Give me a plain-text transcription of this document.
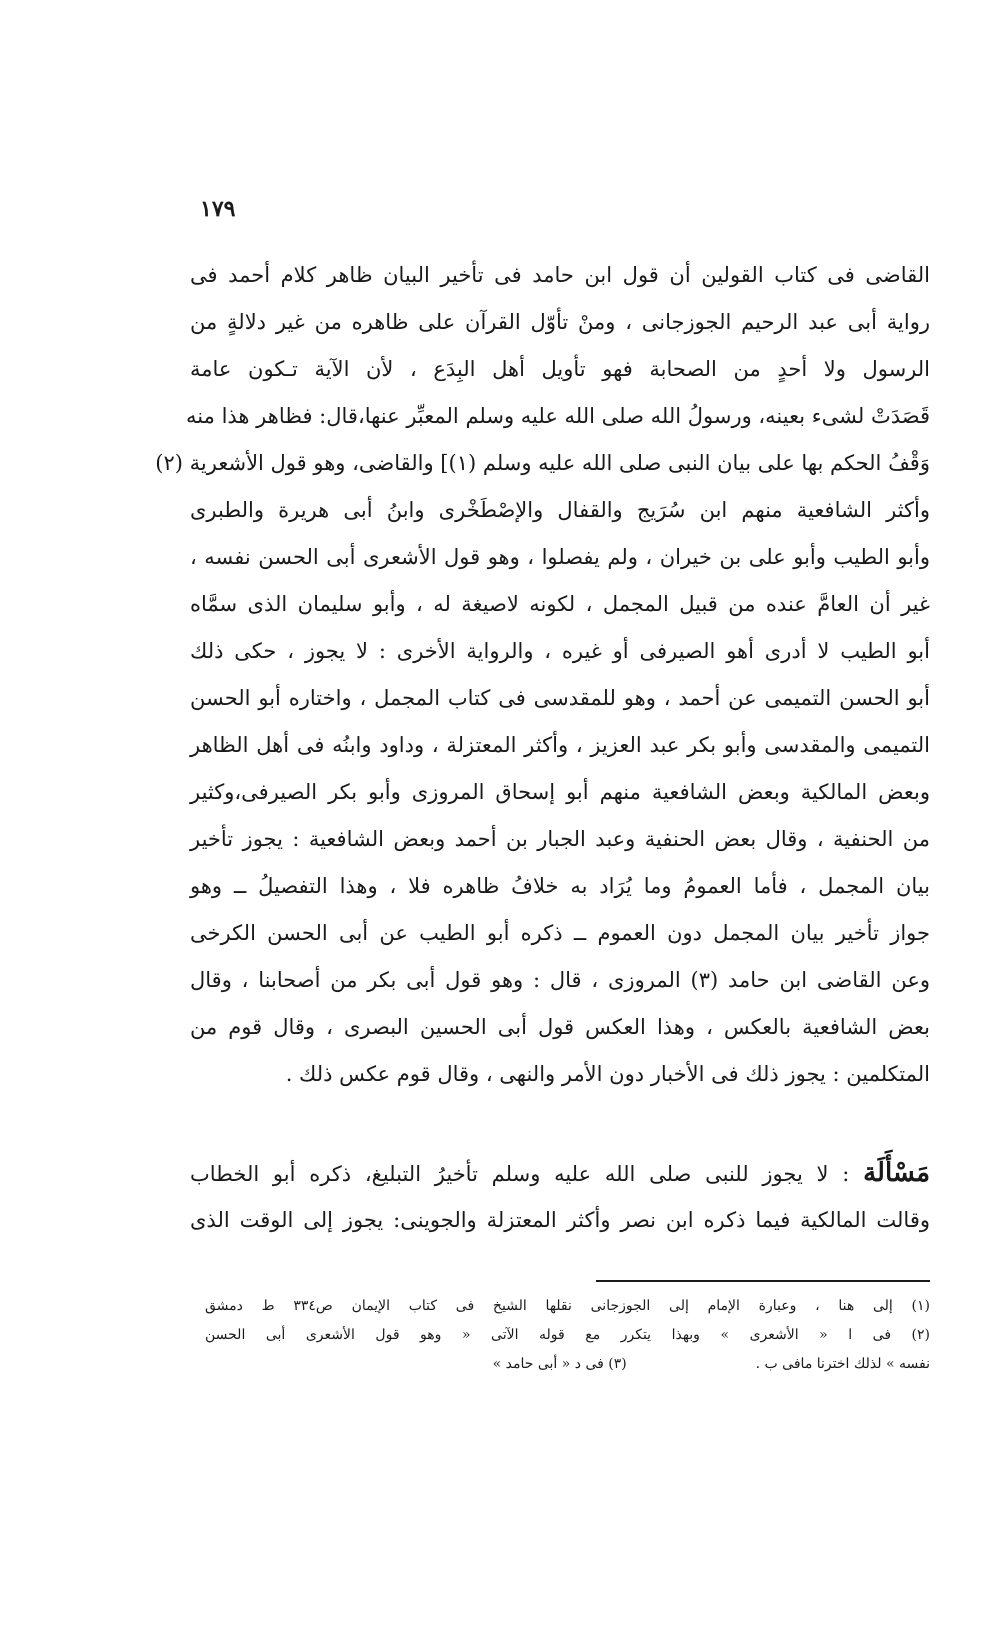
١٧٩
القاضى فى كتاب القولين أن قول ابن حامد فى تأخير البيان ظاهر كلام أحمد فى
رواية أبى عبد الرحيم الجوزجانى ، ومنْ تأوّل القرآن على ظاهره من غير دلالةٍ من
الرسول ولا أحدٍ من الصحابة فهو تأويل أهل البِدَع ، لأن الآية تـكون عامة
قَصَدَتْ لشىء بعينه، ورسولُ الله صلى الله عليه وسلم المعبِّر عنها،قال: فظاهر هذا منه
وَقْفُ الحكم بها على بيان النبى صلى الله عليه وسلم (١)] والقاضى، وهو قول الأشعرية (٢)
وأكثر الشافعية منهم ابن سُرَيج والقفال والإصْطَخْرى وابنُ أبى هريرة والطبرى
وأبو الطيب وأبو على بن خيران ، ولم يفصلوا ، وهو قول الأشعرى أبى الحسن نفسه ،
غير أن العامَّ عنده من قبيل المجمل ، لكونه لاصيغة له ، وأبو سليمان الذى سمَّاه
أبو الطيب لا أدرى أهو الصيرفى أو غيره ، والرواية الأخرى : لا يجوز ، حكى ذلك
أبو الحسن التميمى عن أحمد ، وهو للمقدسى فى كتاب المجمل ، واختاره أبو الحسن
التميمى والمقدسى وأبو بكر عبد العزيز ، وأكثر المعتزلة ، وداود وابنُه فى أهل الظاهر
وبعض المالكية وبعض الشافعية منهم أبو إسحاق المروزى وأبو بكر الصيرفى،وكثير
من الحنفية ، وقال بعض الحنفية وعبد الجبار بن أحمد وبعض الشافعية : يجوز تأخير
بيان المجمل ، فأما العمومُ وما يُرَاد به خلافُ ظاهره فلا ، وهذا التفصيلُ ــ وهو
جواز تأخير بيان المجمل دون العموم ــ ذكره أبو الطيب عن أبى الحسن الكرخى
وعن القاضى ابن حامد (٣) المروزى ، قال : وهو قول أبى بكر من أصحابنا ، وقال
بعض الشافعية بالعكس ، وهذا العكس قول أبى الحسين البصرى ، وقال قوم من
المتكلمين : يجوز ذلك فى الأخبار دون الأمر والنهى ، وقال قوم عكس ذلك .
مَسْأَلَة : لا يجوز للنبى صلى الله عليه وسلم تأخيرُ التبليغ، ذكره أبو الخطاب
وقالت المالكية فيما ذكره ابن نصر وأكثر المعتزلة والجوينى: يجوز إلى الوقت الذى
(١) إلى هنا ، وعبارة الإمام إلى الجوزجانى نقلها الشيخ فى كتاب الإيمان ص٣٣٤ ط دمشق
(٢) فى ا « الأشعرى » وبهذا يتكرر مع قوله الآتى « وهو قول الأشعرى أبى الحسن
نفسه » لذلك اخترنا مافى ب .  (٣) فى د « أبى حامد »
